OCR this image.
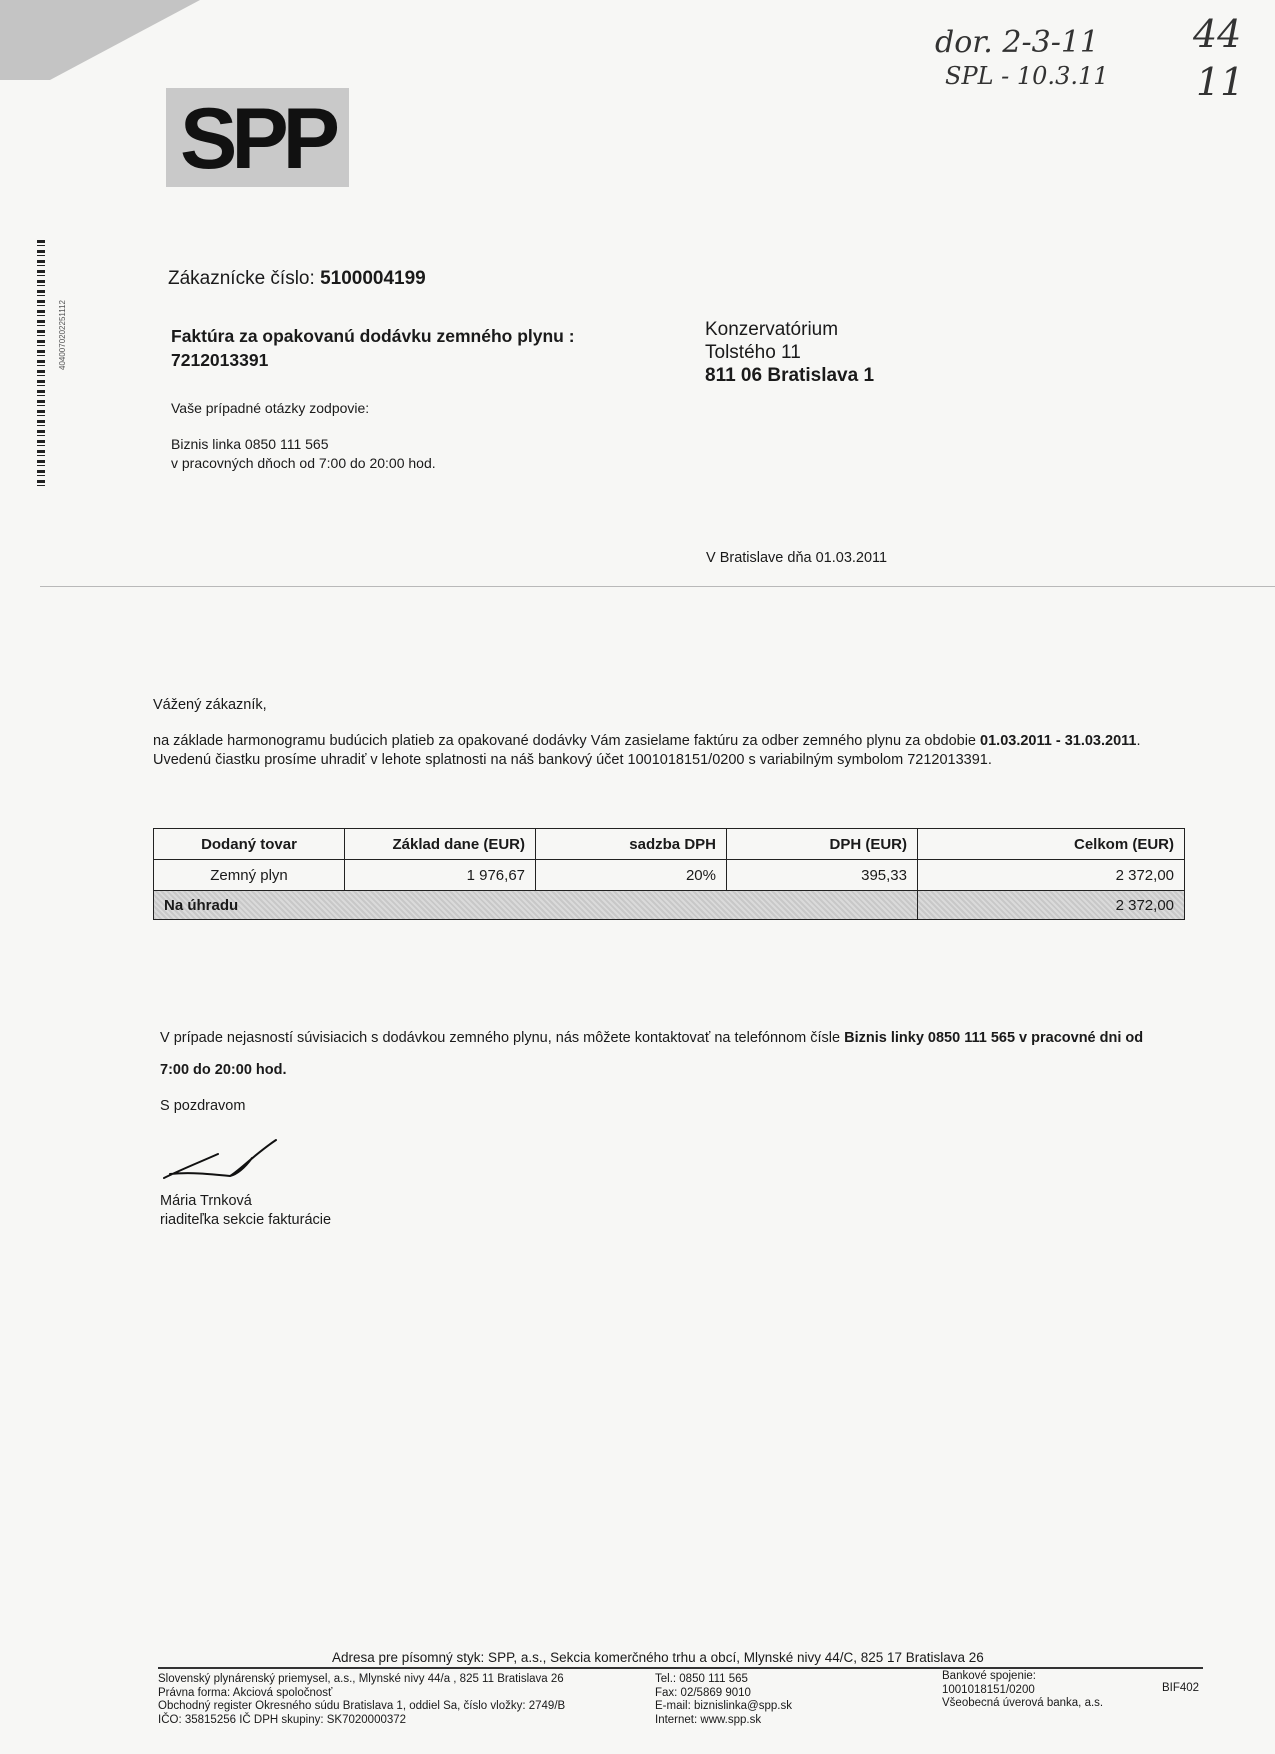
4040070202251112
SPP
dor. 2-3-11
SPL - 10.3.11
44
11
Zákaznícke číslo: 5100004199
Faktúra za opakovanú dodávku zemného plynu :
7212013391
Vaše prípadné otázky zodpovie:
Biznis linka 0850 111 565
v pracovných dňoch od 7:00 do 20:00 hod.
Konzervatórium
Tolstého 11
811 06 Bratislava 1
V Bratislave dňa 01.03.2011
Vážený zákazník,
na základe harmonogramu budúcich platieb za opakované dodávky Vám zasielame faktúru za odber zemného plynu za obdobie 01.03.2011 - 31.03.2011.
Uvedenú čiastku prosíme uhradiť v lehote splatnosti na náš bankový účet 1001018151/0200 s variabilným symbolom 7212013391.
Dodaný tovar	Základ dane (EUR)	sadzba DPH	DPH (EUR)	Celkom (EUR)
Zemný plyn	1 976,67	20%	395,33	2 372,00
Na úhradu				2 372,00
V prípade nejasností súvisiacich s dodávkou zemného plynu, nás môžete kontaktovať na telefónnom čísle Biznis linky 0850 111 565 v pracovné dni od 7:00 do 20:00 hod.
S pozdravom
Mária Trnková
riaditeľka sekcie fakturácie
Adresa pre písomný styk: SPP, a.s., Sekcia komerčného trhu a obcí, Mlynské nivy 44/C, 825 17 Bratislava 26
Slovenský plynárenský priemysel, a.s., Mlynské nivy 44/a , 825 11 Bratislava 26
Právna forma: Akciová spoločnosť
Obchodný register Okresného súdu Bratislava 1, oddiel Sa, číslo vložky: 2749/B
IČO: 35815256 IČ DPH skupiny: SK7020000372
Tel.: 0850 111 565
Fax: 02/5869 9010
E-mail: biznislinka@spp.sk
Internet: www.spp.sk
Bankové spojenie:
1001018151/0200
Všeobecná úverová banka, a.s.
BIF402
